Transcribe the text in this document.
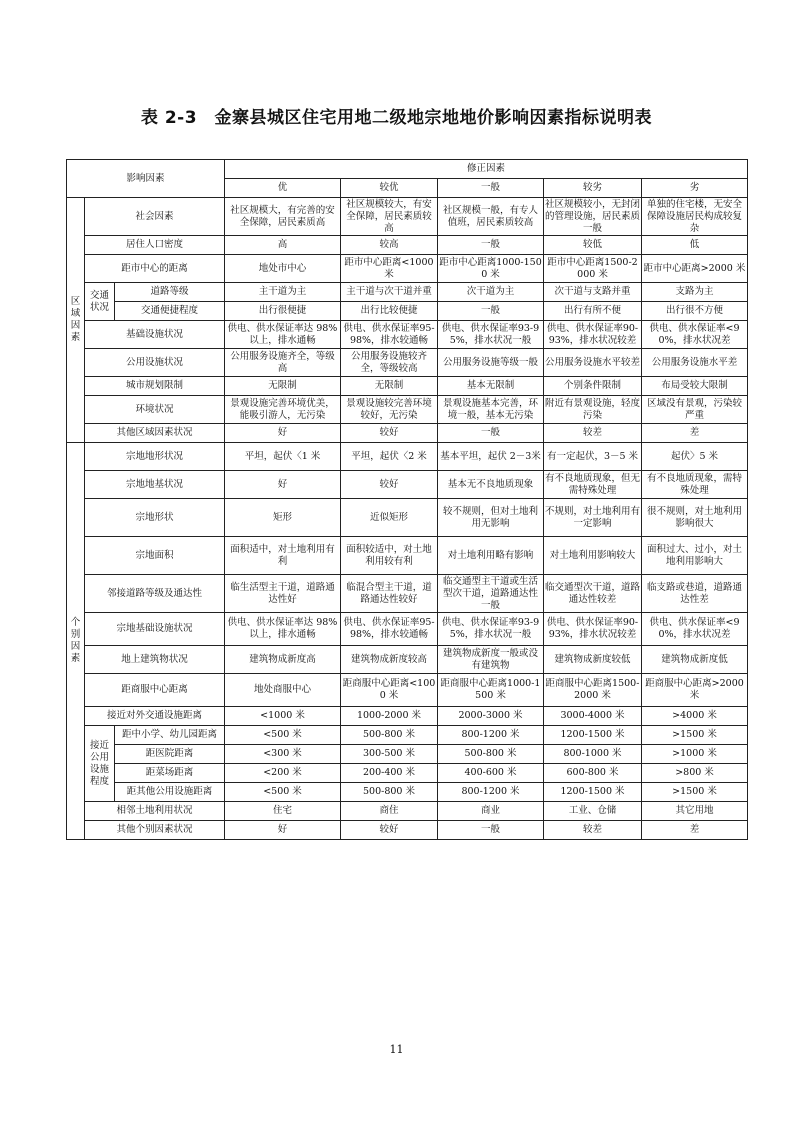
表 2-3　金寨县城区住宅用地二级地宗地地价影响因素指标说明表
影响因素			修正因素				
			优	较优	一般	较劣	劣
区域因素	社会因素		社区规模大，有完善的安全保障，居民素质高	社区规模较大，有安全保障，居民素质较高	社区规模一般，有专人值班，居民素质较高	社区规模较小，无封闭的管理设施，居民素质一般	单独的住宅楼，无安全保障设施居民构成较复杂
	居住人口密度		高	较高	一般	较低	低
	距市中心的距离		地处市中心	距市中心距离<1000米	距市中心距离1000-1500 米	距市中心距离1500-2000 米	距市中心距离>2000 米
	交通状况	道路等级	主干道为主	主干道与次干道并重	次干道为主	次干道与支路并重	支路为主
		交通便捷程度	出行很便捷	出行比较便捷	一般	出行有所不便	出行很不方便
	基础设施状况		供电、供水保证率达 98%以上，排水通畅	供电、供水保证率95-98%，排水较通畅	供电、供水保证率93-95%，排水状况一般	供电、供水保证率90-93%，排水状况较差	供电、供水保证率<90%，排水状况差
	公用设施状况		公用服务设施齐全，等级高	公用服务设施较齐全，等级较高	公用服务设施等级一般	公用服务设施水平较差	公用服务设施水平差
	城市规划限制		无限制	无限制	基本无限制	个别条件限制	布局受较大限制
	环境状况		景观设施完善环境优美，能吸引游人，无污染	景观设施较完善环境较好，无污染	景观设施基本完善，环境一般，基本无污染	附近有景观设施，轻度污染	区域没有景观，污染较严重
	其他区域因素状况		好	较好	一般	较差	差
个别因素	宗地地形状况		平坦，起伏〈1 米	平坦，起伏〈2 米	基本平坦，起伏 2－3米	有一定起伏，3－5 米	起伏〉5 米
	宗地地基状况		好	较好	基本无不良地质现象	有不良地质现象，但无需特殊处理	有不良地质现象，需特殊处理
	宗地形状		矩形	近似矩形	较不规则，但对土地利用无影响	不规则，对土地利用有一定影响	很不规则，对土地利用影响很大
	宗地面积		面积适中，对土地利用有利	面积较适中，对土地利用较有利	对土地利用略有影响	对土地利用影响较大	面积过大、过小，对土地利用影响大
	邻接道路等级及通达性		临生活型主干道，道路通达性好	临混合型主干道，道路通达性较好	临交通型主干道或生活型次干道，道路通达性一般	临交通型次干道，道路通达性较差	临支路或巷道，道路通达性差
	宗地基础设施状况		供电、供水保证率达 98%以上，排水通畅	供电、供水保证率95-98%，排水较通畅	供电、供水保证率93-95%，排水状况一般	供电、供水保证率90-93%，排水状况较差	供电、供水保证率<90%，排水状况差
	地上建筑物状况		建筑物成新度高	建筑物成新度较高	建筑物成新度一般或没有建筑物	建筑物成新度较低	建筑物成新度低
	距商服中心距离		地处商服中心	距商服中心距离<1000 米	距商服中心距离1000-1500 米	距商服中心距离1500-2000 米	距商服中心距离>2000米
	接近对外交通设施距离		<1000 米	1000-2000 米	2000-3000 米	3000-4000 米	>4000 米
	接近公用设施程度	距中小学、幼儿园距离	<500 米	500-800 米	800-1200 米	1200-1500 米	>1500 米
		距医院距离	<300 米	300-500 米	500-800 米	800-1000 米	>1000 米
		距菜场距离	<200 米	200-400 米	400-600 米	600-800 米	>800 米
		距其他公用设施距离	<500 米	500-800 米	800-1200 米	1200-1500 米	>1500 米
	相邻土地利用状况		住宅	商住	商业	工业、仓储	其它用地
	其他个别因素状况		好	较好	一般	较差	差
11
